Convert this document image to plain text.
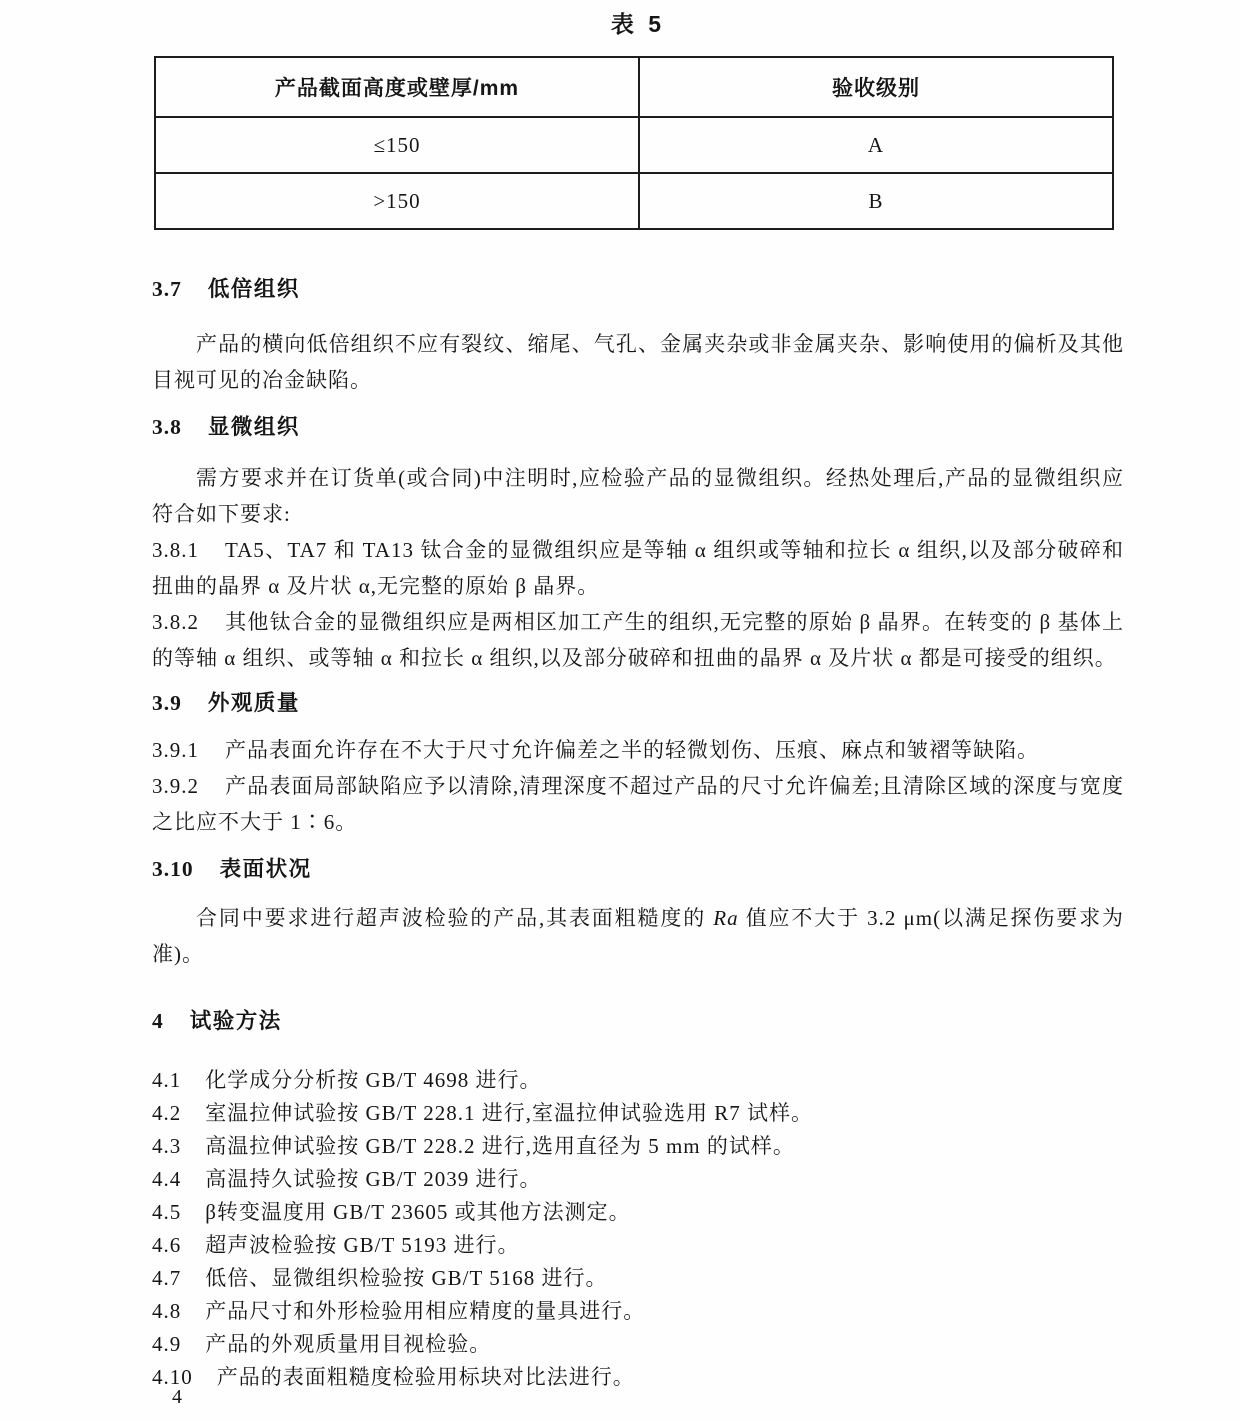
表 5
产品截面高度或壁厚/mm	验收级别
≤150	A
>150	B
3.7 低倍组织

产品的横向低倍组织不应有裂纹、缩尾、气孔、金属夹杂或非金属夹杂、影响使用的偏析及其他目视可见的冶金缺陷。

3.8 显微组织

需方要求并在订货单(或合同)中注明时,应检验产品的显微组织。经热处理后,产品的显微组织应符合如下要求:

3.8.1 TA5、TA7 和 TA13 钛合金的显微组织应是等轴 α 组织或等轴和拉长 α 组织,以及部分破碎和扭曲的晶界 α 及片状 α,无完整的原始 β 晶界。

3.8.2 其他钛合金的显微组织应是两相区加工产生的组织,无完整的原始 β 晶界。在转变的 β 基体上的等轴 α 组织、或等轴 α 和拉长 α 组织,以及部分破碎和扭曲的晶界 α 及片状 α 都是可接受的组织。

3.9 外观质量

3.9.1 产品表面允许存在不大于尺寸允许偏差之半的轻微划伤、压痕、麻点和皱褶等缺陷。

3.9.2 产品表面局部缺陷应予以清除,清理深度不超过产品的尺寸允许偏差;且清除区域的深度与宽度之比应不大于 1∶6。

3.10 表面状况

合同中要求进行超声波检验的产品,其表面粗糙度的 Ra 值应不大于 3.2 μm(以满足探伤要求为准)。

4 试验方法

4.1 化学成分分析按 GB/T 4698 进行。

4.2 室温拉伸试验按 GB/T 228.1 进行,室温拉伸试验选用 R7 试样。

4.3 高温拉伸试验按 GB/T 228.2 进行,选用直径为 5 mm 的试样。

4.4 高温持久试验按 GB/T 2039 进行。

4.5 β转变温度用 GB/T 23605 或其他方法测定。

4.6 超声波检验按 GB/T 5193 进行。

4.7 低倍、显微组织检验按 GB/T 5168 进行。

4.8 产品尺寸和外形检验用相应精度的量具进行。

4.9 产品的外观质量用目视检验。

4.10 产品的表面粗糙度检验用标块对比法进行。

4
